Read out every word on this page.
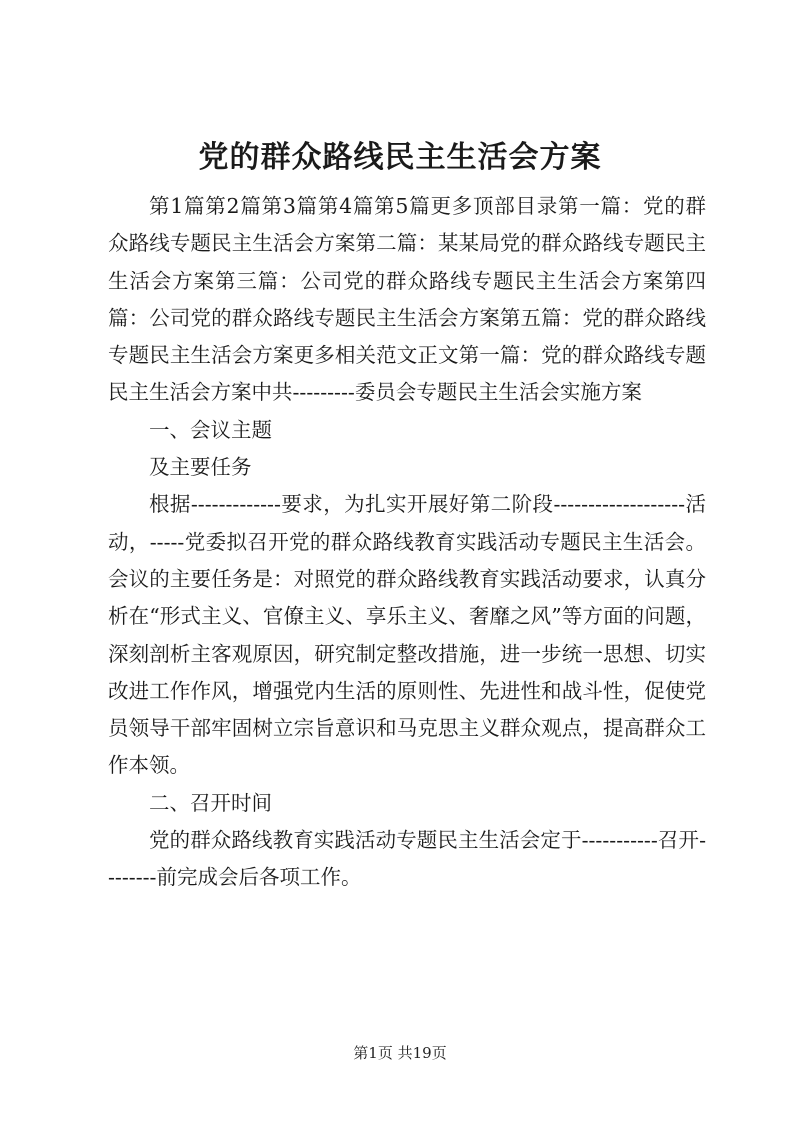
党的群众路线民主生活会方案

第1篇第2篇第3篇第4篇第5篇更多顶部目录第一篇：党的群众路线专题民主生活会方案第二篇：某某局党的群众路线专题民主生活会方案第三篇：公司党的群众路线专题民主生活会方案第四篇：公司党的群众路线专题民主生活会方案第五篇：党的群众路线专题民主生活会方案更多相关范文正文第一篇：党的群众路线专题民主生活会方案中共---------委员会专题民主生活会实施方案

一、会议主题

及主要任务

根据-------------要求，为扎实开展好第二阶段-------------------活动，-----党委拟召开党的群众路线教育实践活动专题民主生活会。会议的主要任务是：对照党的群众路线教育实践活动要求，认真分析在“形式主义、官僚主义、享乐主义、奢靡之风”等方面的问题，深刻剖析主客观原因，研究制定整改措施，进一步统一思想、切实改进工作作风，增强党内生活的原则性、先进性和战斗性，促使党员领导干部牢固树立宗旨意识和马克思主义群众观点，提高群众工作本领。

二、召开时间

党的群众路线教育实践活动专题民主生活会定于-----------召开--------前完成会后各项工作。

第1页 共19页
